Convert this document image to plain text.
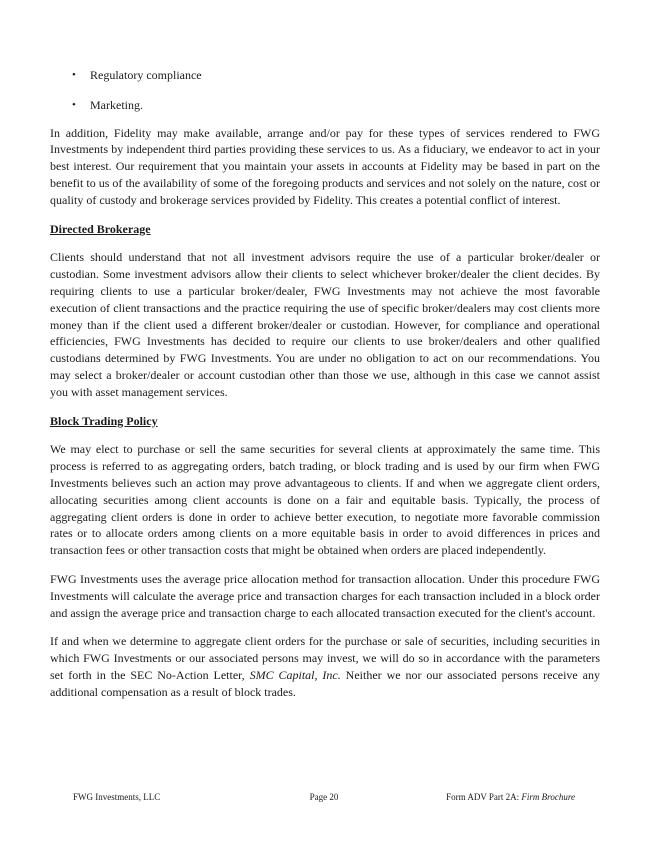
•	Regulatory compliance
•	Marketing.

In addition, Fidelity may make available, arrange and/or pay for these types of services rendered to FWG Investments by independent third parties providing these services to us. As a fiduciary, we endeavor to act in your best interest. Our requirement that you maintain your assets in accounts at Fidelity may be based in part on the benefit to us of the availability of some of the foregoing products and services and not solely on the nature, cost or quality of custody and brokerage services provided by Fidelity. This creates a potential conflict of interest.

Directed Brokerage

Clients should understand that not all investment advisors require the use of a particular broker/dealer or custodian. Some investment advisors allow their clients to select whichever broker/dealer the client decides. By requiring clients to use a particular broker/dealer, FWG Investments may not achieve the most favorable execution of client transactions and the practice requiring the use of specific broker/dealers may cost clients more money than if the client used a different broker/dealer or custodian. However, for compliance and operational efficiencies, FWG Investments has decided to require our clients to use broker/dealers and other qualified custodians determined by FWG Investments. You are under no obligation to act on our recommendations. You may select a broker/dealer or account custodian other than those we use, although in this case we cannot assist you with asset management services.

Block Trading Policy

We may elect to purchase or sell the same securities for several clients at approximately the same time. This process is referred to as aggregating orders, batch trading, or block trading and is used by our firm when FWG Investments believes such an action may prove advantageous to clients. If and when we aggregate client orders, allocating securities among client accounts is done on a fair and equitable basis. Typically, the process of aggregating client orders is done in order to achieve better execution, to negotiate more favorable commission rates or to allocate orders among clients on a more equitable basis in order to avoid differences in prices and transaction fees or other transaction costs that might be obtained when orders are placed independently.

FWG Investments uses the average price allocation method for transaction allocation. Under this procedure FWG Investments will calculate the average price and transaction charges for each transaction included in a block order and assign the average price and transaction charge to each allocated transaction executed for the client's account.

If and when we determine to aggregate client orders for the purchase or sale of securities, including securities in which FWG Investments or our associated persons may invest, we will do so in accordance with the parameters set forth in the SEC No-Action Letter, SMC Capital, Inc. Neither we nor our associated persons receive any additional compensation as a result of block trades.

FWG Investments, LLC	Page 20	Form ADV Part 2A: Firm Brochure
